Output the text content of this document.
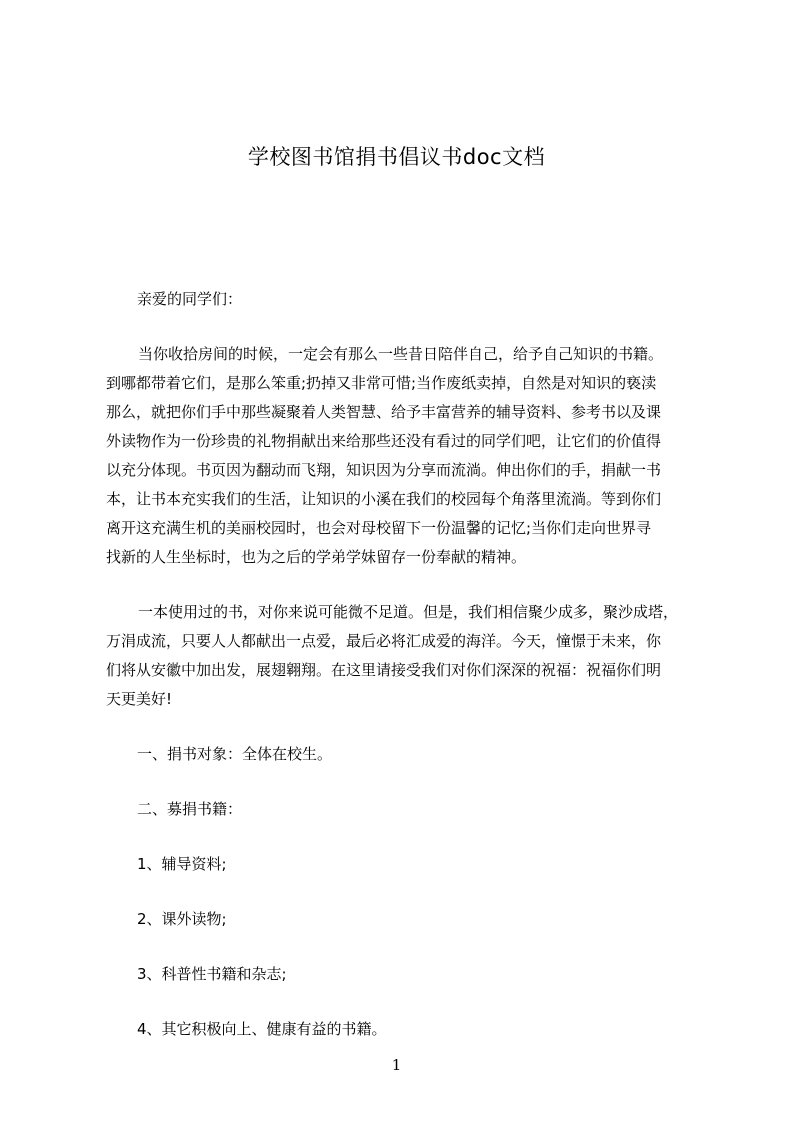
学校图书馆捐书倡议书doc文档
亲爱的同学们：
当你收拾房间的时候，一定会有那么一些昔日陪伴自己，给予自己知识的书籍。
到哪都带着它们，是那么笨重;扔掉又非常可惜;当作废纸卖掉，自然是对知识的亵渎
那么，就把你们手中那些凝聚着人类智慧、给予丰富营养的辅导资料、参考书以及课
外读物作为一份珍贵的礼物捐献出来给那些还没有看过的同学们吧，让它们的价值得
以充分体现。书页因为翻动而飞翔，知识因为分享而流淌。伸出你们的手，捐献一书
本，让书本充实我们的生活，让知识的小溪在我们的校园每个角落里流淌。等到你们
离开这充满生机的美丽校园时，也会对母校留下一份温馨的记忆;当你们走向世界寻
找新的人生坐标时，也为之后的学弟学妹留存一份奉献的精神。
一本使用过的书，对你来说可能微不足道。但是，我们相信聚少成多，聚沙成塔，
万涓成流，只要人人都献出一点爱，最后必将汇成爱的海洋。今天，憧憬于未来，你
们将从安徽中加出发，展翅翱翔。在这里请接受我们对你们深深的祝福：祝福你们明
天更美好!
一、捐书对象：全体在校生。
二、募捐书籍：
1、辅导资料;
2、课外读物;
3、科普性书籍和杂志;
4、其它积极向上、健康有益的书籍。
1
